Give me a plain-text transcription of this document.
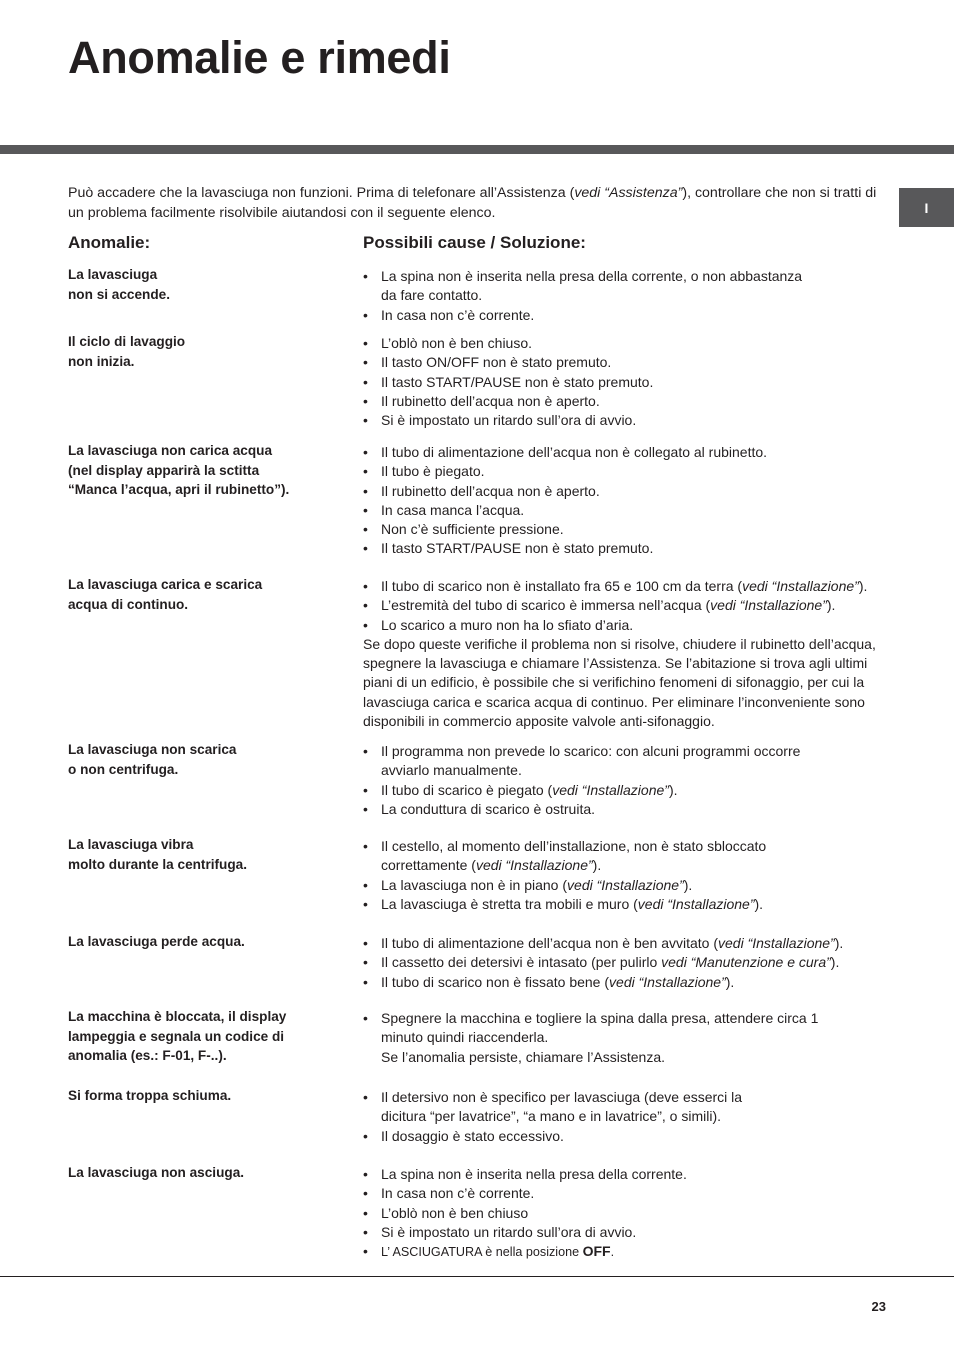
Anomalie e rimedi
I

Può accadere che la lavasciuga non funzioni. Prima di telefonare all’Assistenza (vedi “Assistenza”), controllare che non si tratti di un problema facilmente risolvibile aiutandosi con il seguente elenco.

Anomalie:	Possibili cause / Soluzione:
La lavasciuga
non si accende.
• La spina non è inserita nella presa della corrente, o non abbastanza
da fare contatto.
• In casa non c’è corrente.
Il ciclo di lavaggio
non inizia.
• L’oblò non è ben chiuso.
• Il tasto ON/OFF non è stato premuto.
• Il tasto START/PAUSE non è stato premuto.
• Il rubinetto dell’acqua non è aperto.
• Si è impostato un ritardo sull’ora di avvio.
La lavasciuga non carica acqua
(nel display apparirà la sctitta
“Manca l’acqua, apri il rubinetto”).
• Il tubo di alimentazione dell’acqua non è collegato al rubinetto.
• Il tubo è piegato.
• Il rubinetto dell’acqua non è aperto.
• In casa manca l’acqua.
• Non c’è sufficiente pressione.
• Il tasto START/PAUSE non è stato premuto.
La lavasciuga carica e scarica
acqua di continuo.
• Il tubo di scarico non è installato fra 65 e 100 cm da terra (vedi “Installazione”).
• L’estremità del tubo di scarico è immersa nell’acqua (vedi “Installazione”).
• Lo scarico a muro non ha lo sfiato d’aria.
Se dopo queste verifiche il problema non si risolve, chiudere il rubinetto dell’acqua, spegnere la lavasciuga e chiamare l’Assistenza. Se l’abitazione si trova agli ultimi piani di un edificio, è possibile che si verifichino fenomeni di sifonaggio, per cui la lavasciuga carica e scarica acqua di continuo. Per eliminare l’inconveniente sono disponibili in commercio apposite valvole anti-sifonaggio.
La lavasciuga non scarica
o non centrifuga.
• Il programma non prevede lo scarico: con alcuni programmi occorre
avviarlo manualmente.
• Il tubo di scarico è piegato (vedi “Installazione”).
• La conduttura di scarico è ostruita.
La lavasciuga vibra
molto durante la centrifuga.
• Il cestello, al momento dell’installazione, non è stato sbloccato
correttamente (vedi “Installazione”).
• La lavasciuga non è in piano (vedi “Installazione”).
• La lavasciuga è stretta tra mobili e muro (vedi “Installazione”).
La lavasciuga perde acqua.	• Il tubo di alimentazione dell’acqua non è ben avvitato (vedi “Installazione”).
• Il cassetto dei detersivi è intasato (per pulirlo vedi “Manutenzione e cura”).
• Il tubo di scarico non è fissato bene (vedi “Installazione”).
La macchina è bloccata, il display
lampeggia e segnala un codice di
anomalia (es.: F-01, F-..).
• Spegnere la macchina e togliere la spina dalla presa, attendere circa 1
minuto quindi riaccenderla.
Se l’anomalia persiste, chiamare l’Assistenza.
Si forma troppa schiuma.	• Il detersivo non è specifico per lavasciuga (deve esserci la
dicitura “per lavatrice”, “a mano e in lavatrice”, o simili).
• Il dosaggio è stato eccessivo.
La lavasciuga non asciuga.	• La spina non è inserita nella presa della corrente.
• In casa non c’è corrente.
• L’oblò non è ben chiuso
• Si è impostato un ritardo sull’ora di avvio.
• L’ ASCIUGATURA è nella posizione OFF.
23
